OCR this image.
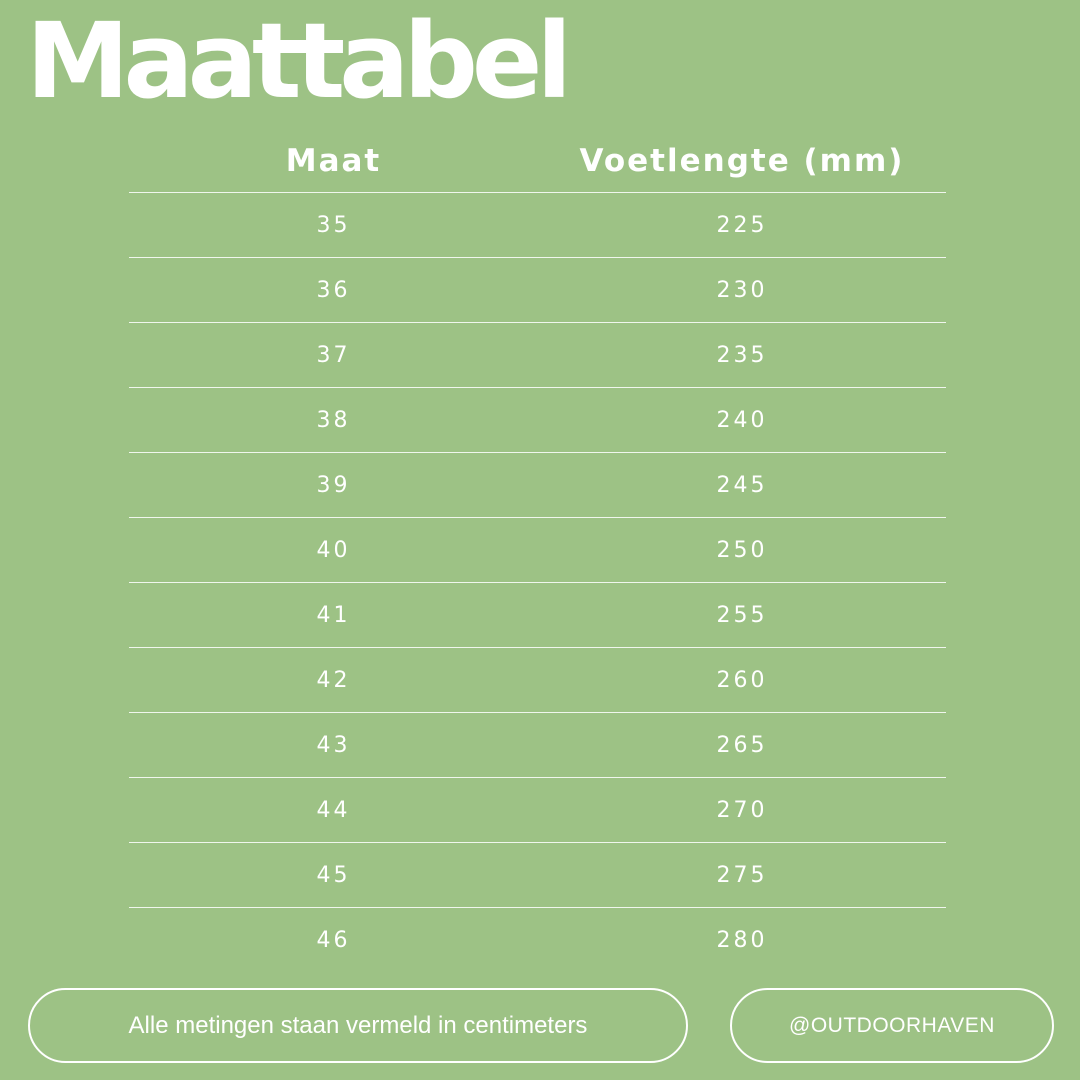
Maattabel
Maat	Voetlengte (mm)
35	225
36	230
37	235
38	240
39	245
40	250
41	255
42	260
43	265
44	270
45	275
46	280
Alle metingen staan vermeld in centimeters	@OUTDOORHAVEN
